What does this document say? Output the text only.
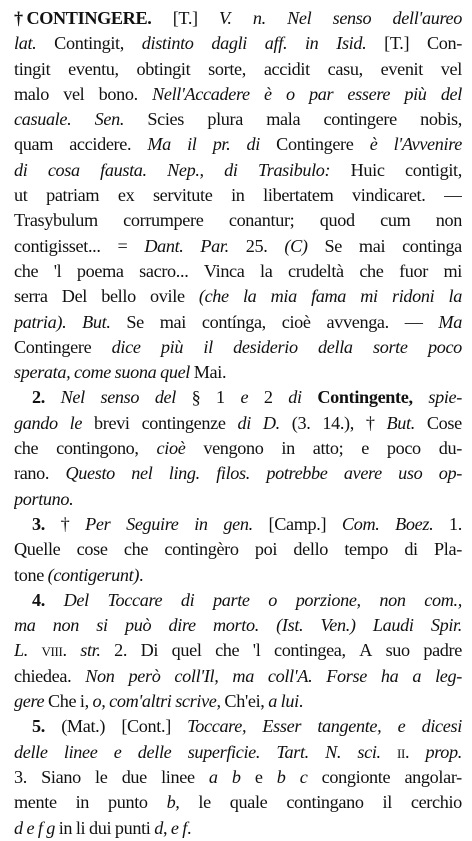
† CONTINGERE. [T.] V. n. Nel senso dell'aureo
lat. Contingit, distinto dagli aff. in Isid. [T.] Con-
tingit eventu, obtingit sorte, accidit casu, evenit vel
malo vel bono. Nell'Accadere è o par essere più del
casuale. Sen. Scies plura mala contingere nobis,
quam accidere. Ma il pr. di Contingere è l'Avvenire
di cosa fausta. Nep., di Trasibulo: Huic contigit,
ut patriam ex servitute in libertatem vindicaret. —
Trasybulum corrumpere conantur; quod cum non
contigisset... = Dant. Par. 25. (C) Se mai continga
che 'l poema sacro... Vinca la crudeltà che fuor mi
serra Del bello ovile (che la mia fama mi ridoni la
patria). But. Se mai contínga, cioè avvenga. — Ma
Contingere dice più il desiderio della sorte poco
sperata, come suona quel Mai.
2. Nel senso del § 1 e 2 di Contingente, spie-
gando le brevi contingenze di D. (3. 14.), † But. Cose
che contingono, cioè vengono in atto; e poco du-
rano. Questo nel ling. filos. potrebbe avere uso op-
portuno.
3. † Per Seguire in gen. [Camp.] Com. Boez. 1.
Quelle cose che contingèro poi dello tempo di Pla-
tone (contigerunt).
4. Del Toccare di parte o porzione, non com.,
ma non si può dire morto. (Ist. Ven.) Laudi Spir.
L. viii. str. 2. Di quel che 'l contingea, A suo padre
chiedea. Non però coll'Il, ma coll'A. Forse ha a leg-
gere Che i, o, com'altri scrive, Ch'ei, a lui.
5. (Mat.) [Cont.] Toccare, Esser tangente, e dicesi
delle linee e delle superficie. Tart. N. sci. ii. prop.
3. Siano le due linee a b e b c congionte angolar-
mente in punto b, le quale contingano il cerchio
d e f g in li dui punti d, e f.
